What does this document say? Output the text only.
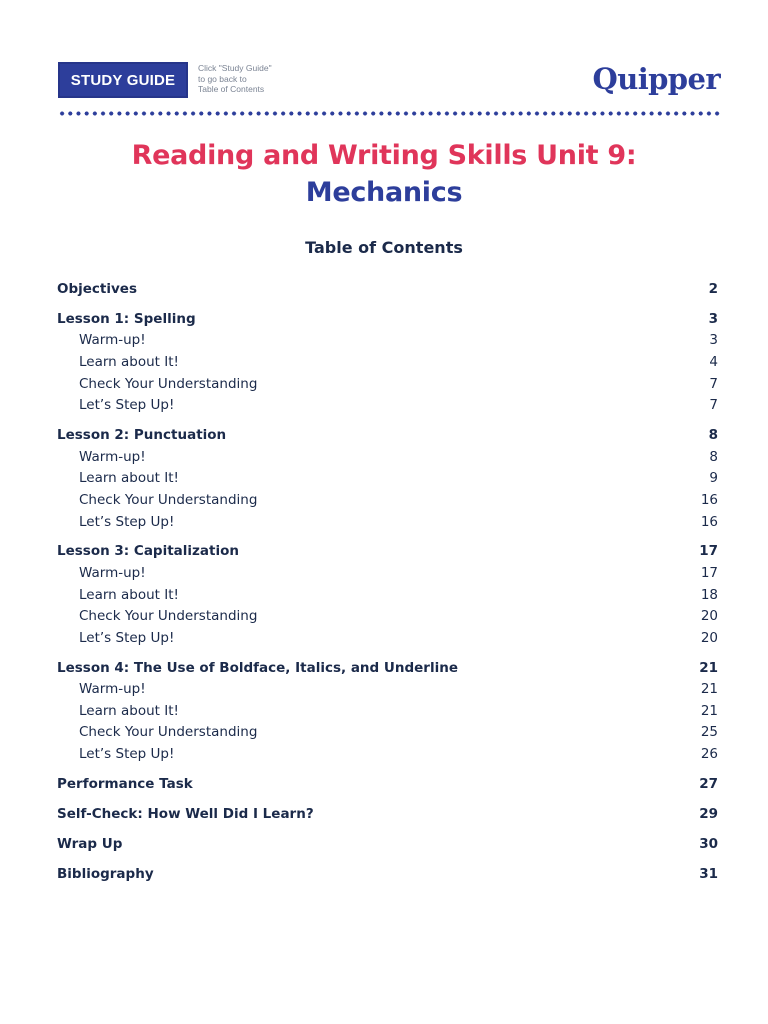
STUDY GUIDE
Click "Study Guide"
to go back to
Table of Contents	Quipper
Reading and Writing Skills Unit 9:
Mechanics
Table of Contents
Objectives	2
Lesson 1: Spelling	3
Warm-up!	3
Learn about It!	4
Check Your Understanding	7
Let’s Step Up!	7
Lesson 2: Punctuation	8
Warm-up!	8
Learn about It!	9
Check Your Understanding	16
Let’s Step Up!	16
Lesson 3: Capitalization	17
Warm-up!	17
Learn about It!	18
Check Your Understanding	20
Let’s Step Up!	20
Lesson 4: The Use of Boldface, Italics, and Underline	21
Warm-up!	21
Learn about It!	21
Check Your Understanding	25
Let’s Step Up!	26
Performance Task	27
Self-Check: How Well Did I Learn?	29
Wrap Up	30
Bibliography	31
